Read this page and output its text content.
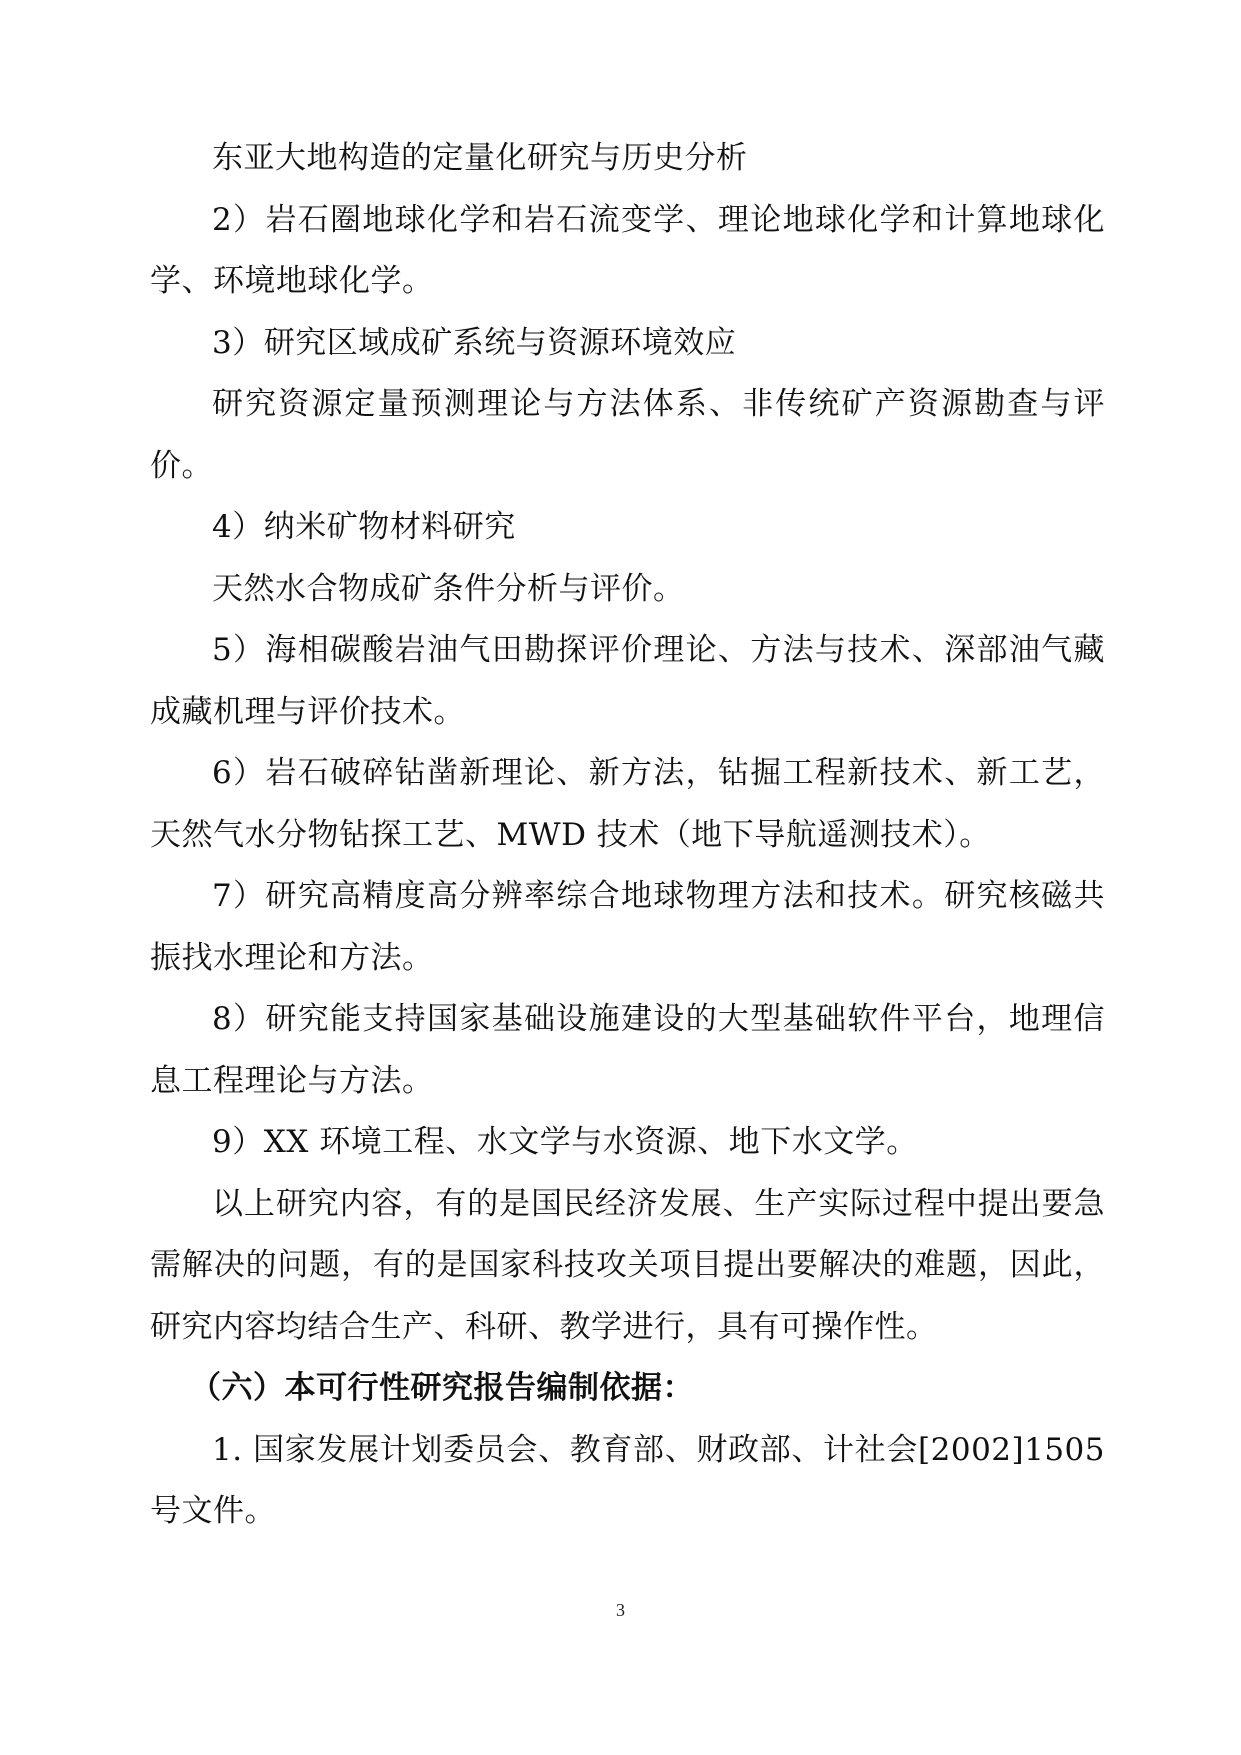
东亚大地构造的定量化研究与历史分析

2）岩石圈地球化学和岩石流变学、理论地球化学和计算地球化学、环境地球化学。

3）研究区域成矿系统与资源环境效应

研究资源定量预测理论与方法体系、非传统矿产资源勘查与评价。

4）纳米矿物材料研究

天然水合物成矿条件分析与评价。

5）海相碳酸岩油气田勘探评价理论、方法与技术、深部油气藏成藏机理与评价技术。

6）岩石破碎钻凿新理论、新方法，钻掘工程新技术、新工艺，天然气水分物钻探工艺、MWD 技术（地下导航遥测技术）。

7）研究高精度高分辨率综合地球物理方法和技术。研究核磁共振找水理论和方法。

8）研究能支持国家基础设施建设的大型基础软件平台，地理信息工程理论与方法。

9）XX 环境工程、水文学与水资源、地下水文学。

以上研究内容，有的是国民经济发展、生产实际过程中提出要急需解决的问题，有的是国家科技攻关项目提出要解决的难题，因此，研究内容均结合生产、科研、教学进行，具有可操作性。

（六）本可行性研究报告编制依据：

1. 国家发展计划委员会、教育部、财政部、计社会[2002]1505号文件。

3
